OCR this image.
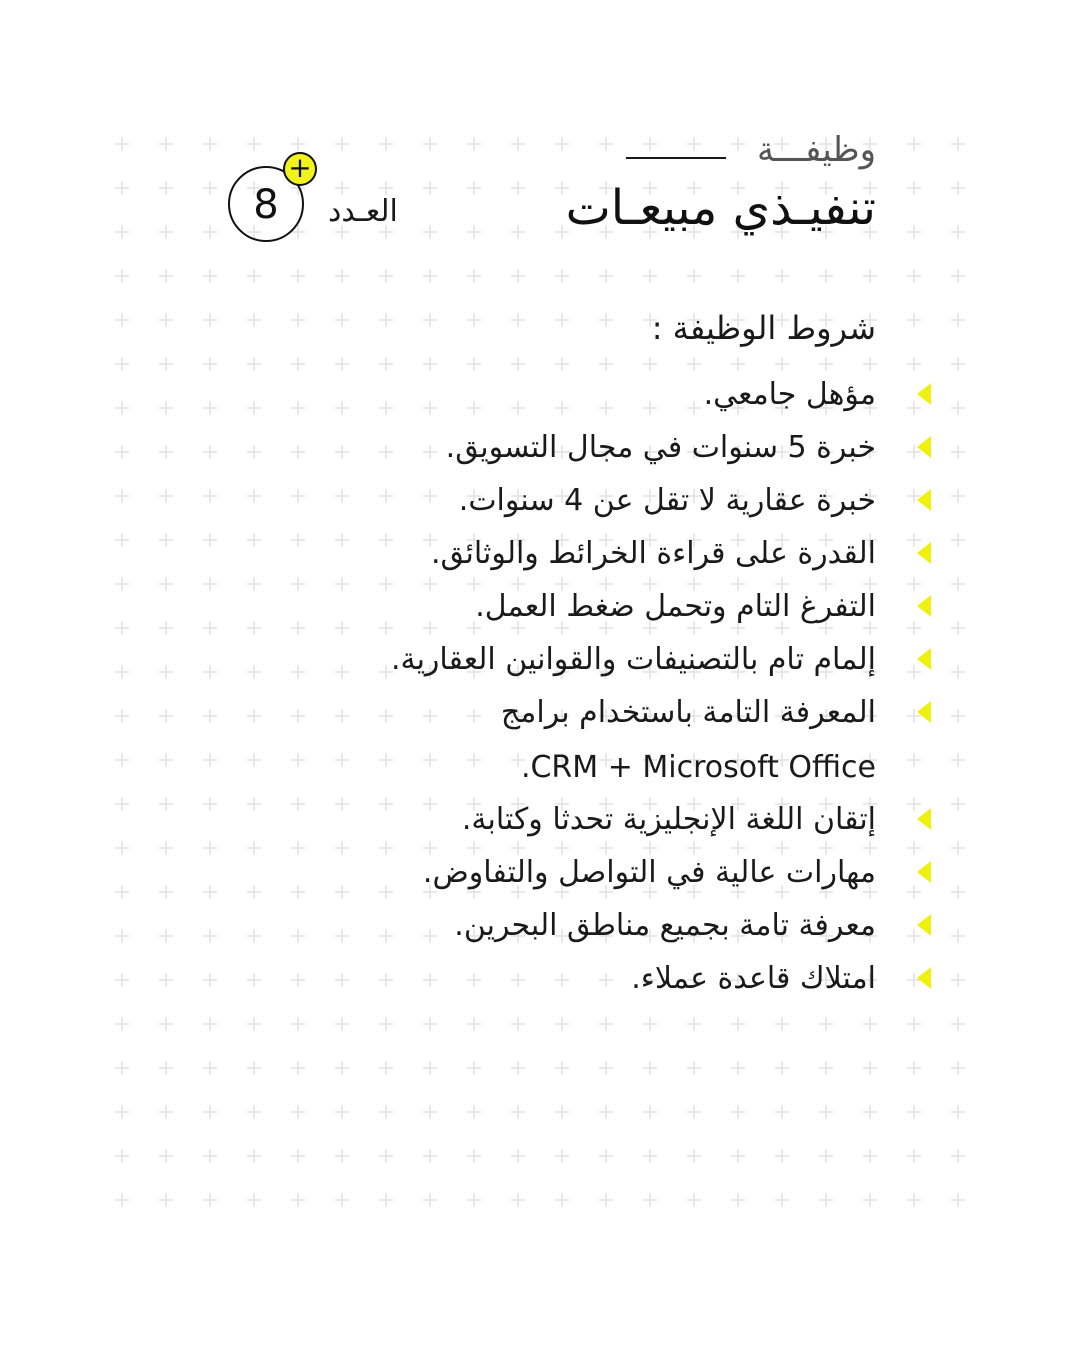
وظيفـــة
تنفيـذي مبيعـات
العـدد
8
+
شروط الوظيفة :
مؤهل جامعي.
خبرة 5 سنوات في مجال التسويق.
خبرة عقارية لا تقل عن 4 سنوات.
القدرة على قراءة الخرائط والوثائق.
التفرغ التام وتحمل ضغط العمل.
إلمام تام بالتصنيفات والقوانين العقارية.
المعرفة التامة باستخدام برامج
CRM + Microsoft Office.
إتقان اللغة الإنجليزية تحدثا وكتابة.
مهارات عالية في التواصل والتفاوض.
معرفة تامة بجميع مناطق البحرين.
امتلاك قاعدة عملاء.
